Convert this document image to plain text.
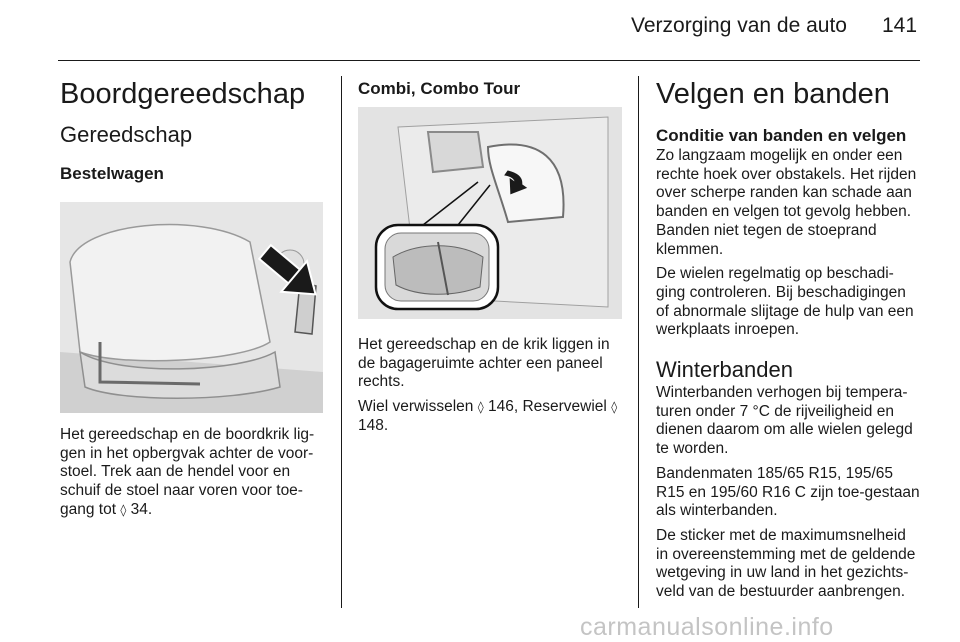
Verzorging van de auto 141
Boordgereedschap
Gereedschap
Bestelwagen

Het gereedschap en de boordkrik lig-gen in het opbergvak achter de voor-stoel. Trek aan de hendel voor en schuif de stoel naar voren voor toe-gang tot ◊ 34.

Combi, Combo Tour

Het gereedschap en de krik liggen in de bagageruimte achter een paneel rechts.

Wiel verwisselen ◊ 146, Reservewiel ◊ 148.

Velgen en banden
Conditie van banden en velgen

Zo langzaam mogelijk en onder een rechte hoek over obstakels. Het rijden over scherpe randen kan schade aan banden en velgen tot gevolg hebben. Banden niet tegen de stoeprand klemmen.

De wielen regelmatig op beschadi-ging controleren. Bij beschadigingen of abnormale slijtage de hulp van een werkplaats inroepen.

Winterbanden

Winterbanden verhogen bij tempera-turen onder 7 °C de rijveiligheid en dienen daarom om alle wielen gelegd te worden.

Bandenmaten 185/65 R15, 195/65 R15 en 195/60 R16 C zijn toe-gestaan als winterbanden.

De sticker met de maximumsnelheid in overeenstemming met de geldende wetgeving in uw land in het gezichts-veld van de bestuurder aanbrengen.

carmanualsonline.info
